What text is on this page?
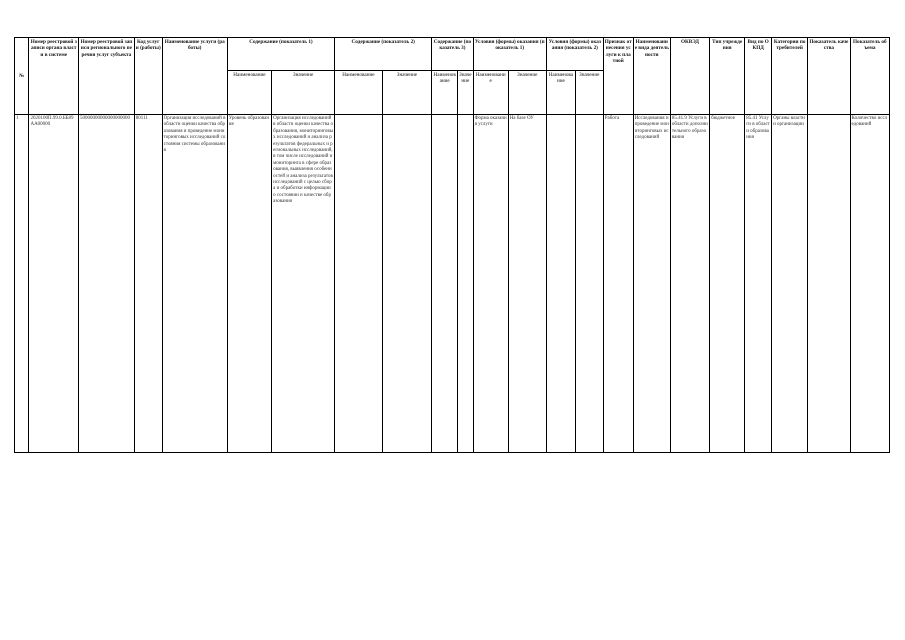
№	Номер реестровой записи органа власти в системе	Номер реестровой записи регионального перечня услуг субъекта	Код услуги (работы)	Наименование услуги (работы)	Содержание (показатель 1)		Содержание (показатель 2)		Содержание (показатель 3)		Условия (формы) оказания (показатель 1)		Условия (формы) оказания (показатель 2)		Признак отнесения услуги к платной	Наименование вида деятельности	ОКВЭД	Тип учреждения	Вид по ОКПД	Категории потребителей	Показатель качества	Показатель объема
					Наименование	Значение	Наименование	Значение	Наименование	Значение	Наименование	Значение	Наименование	Значение								
1	2020100П.99.0.ББ89АА00000	50000000000000000000	80111	Организация исследований в области оценки качества образования и проведение мониторинговых исследований состояния системы образования	Уровень образования	Организация исследований в области оценки качества образования, мониторинговых исследований и анализа результатов федеральных и региональных исследований, в том числе исследований и мониторинга в сфере образования, выявления особенностей и анализа результатов исследований с целью сбора и обработки информации о состоянии и качестве образования					Форма оказания услуги	На базе ОУ			Работа	Исследования и проведение мониторинговых исследований	85.41.9 Услуги в области дополнительного образования	бюджетное	85.41 Услуги в области образования	Органы власти и организации		Количество исследований
